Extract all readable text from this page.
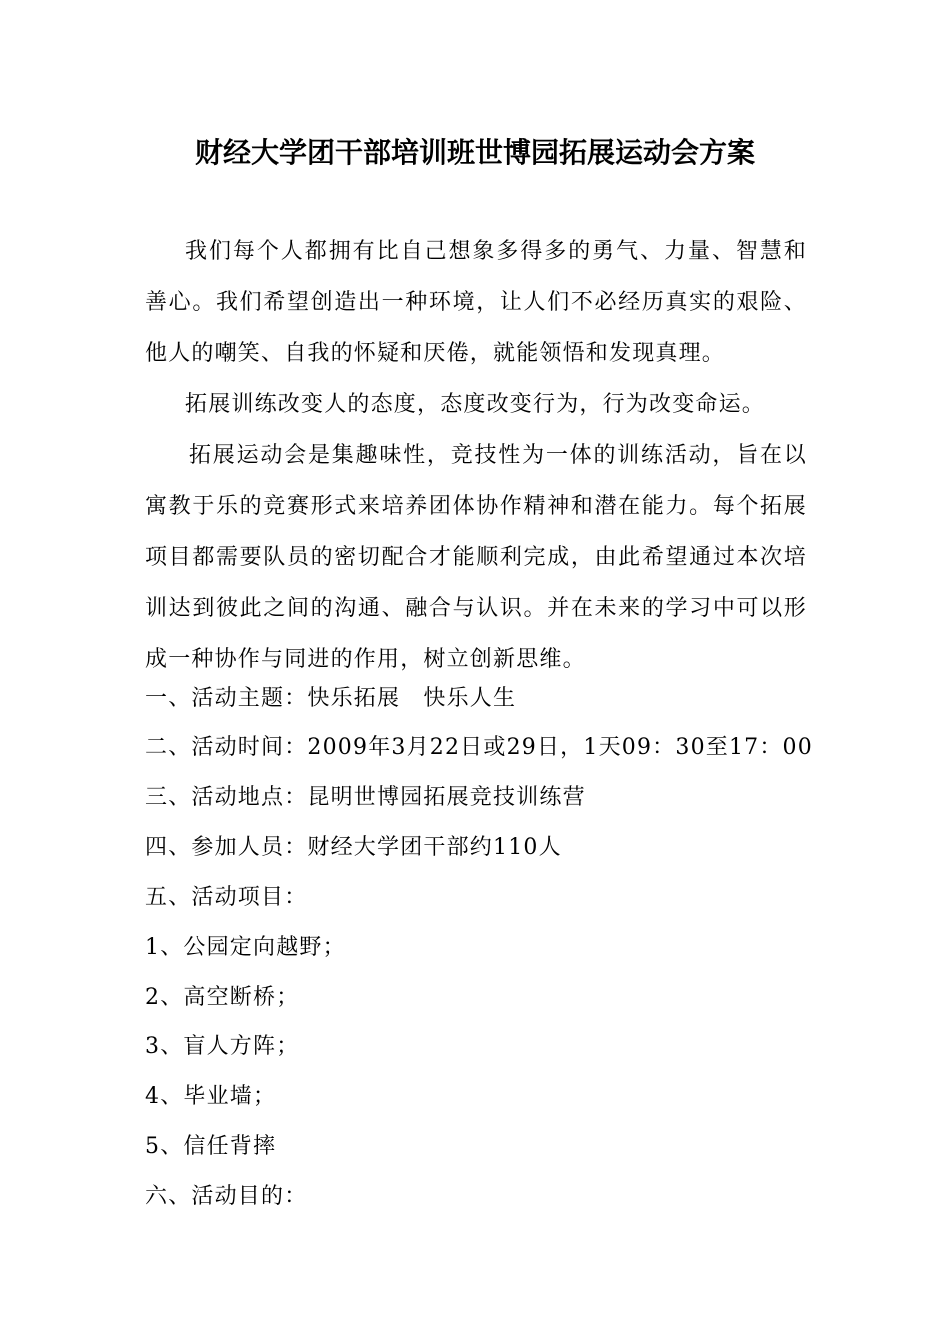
财经大学团干部培训班世博园拓展运动会方案

我们每个人都拥有比自己想象多得多的勇气、力量、智慧和善心。我们希望创造出一种环境，让人们不必经历真实的艰险、他人的嘲笑、自我的怀疑和厌倦，就能领悟和发现真理。

拓展训练改变人的态度，态度改变行为，行为改变命运。

拓展运动会是集趣味性，竞技性为一体的训练活动，旨在以寓教于乐的竞赛形式来培养团体协作精神和潜在能力。每个拓展项目都需要队员的密切配合才能顺利完成，由此希望通过本次培训达到彼此之间的沟通、融合与认识。并在未来的学习中可以形成一种协作与同进的作用，树立创新思维。

一、活动主题：快乐拓展　快乐人生
二、活动时间：2009年3月22日或29日，1天09：30至17：00
三、活动地点：昆明世博园拓展竞技训练营
四、参加人员：财经大学团干部约110人
五、活动项目：
1、公园定向越野；
2、高空断桥；
3、盲人方阵；
4、毕业墙；
5、信任背摔
六、活动目的：
